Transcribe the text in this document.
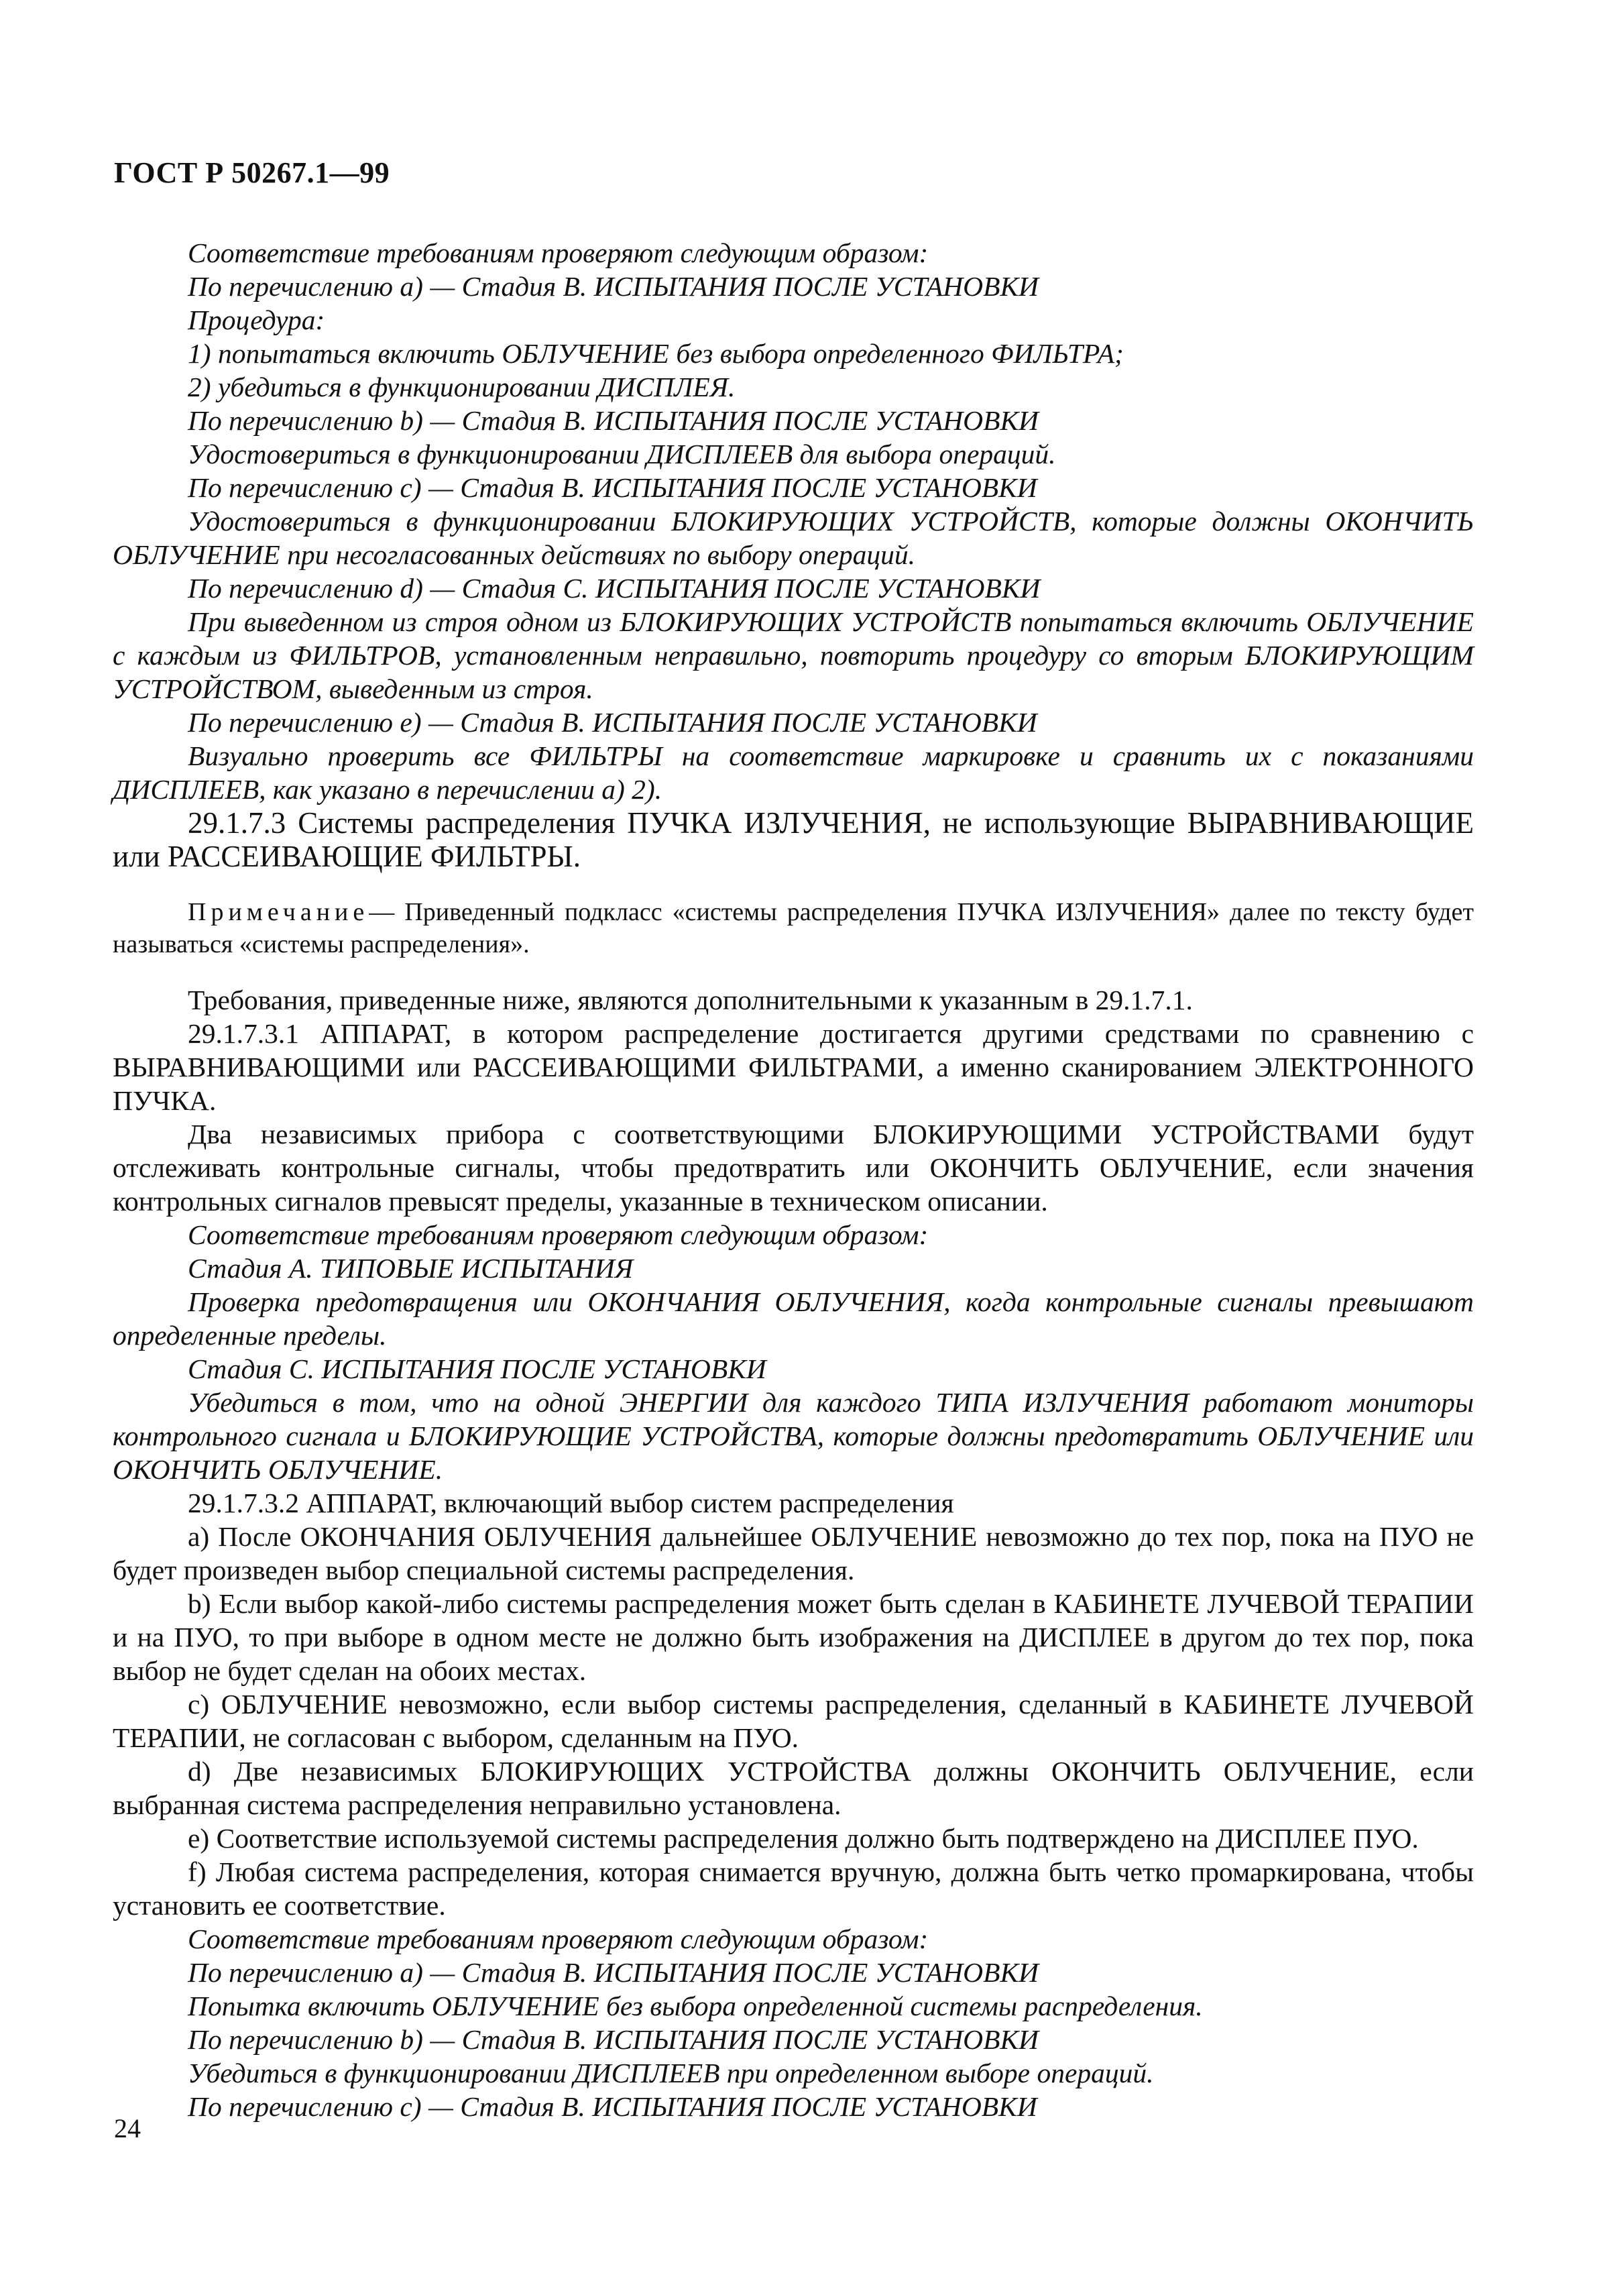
ГОСТ Р 50267.1—99

Соответствие требованиям проверяют следующим образом:

По перечислению а) — Стадия В. ИСПЫТАНИЯ ПОСЛЕ УСТАНОВКИ

Процедура:

1) попытаться включить ОБЛУЧЕНИЕ без выбора определенного ФИЛЬТРА;

2) убедиться в функционировании ДИСПЛЕЯ.

По перечислению b) — Стадия В. ИСПЫТАНИЯ ПОСЛЕ УСТАНОВКИ

Удостовериться в функционировании ДИСПЛЕЕВ для выбора операций.

По перечислению с) — Стадия В. ИСПЫТАНИЯ ПОСЛЕ УСТАНОВКИ

Удостовериться в функционировании БЛОКИРУЮЩИХ УСТРОЙСТВ, которые должны ОКОНЧИТЬ ОБЛУЧЕНИЕ при несогласованных действиях по выбору операций.

По перечислению d) — Стадия С. ИСПЫТАНИЯ ПОСЛЕ УСТАНОВКИ

При выведенном из строя одном из БЛОКИРУЮЩИХ УСТРОЙСТВ попытаться включить ОБЛУЧЕНИЕ с каждым из ФИЛЬТРОВ, установленным неправильно, повторить процедуру со вторым БЛОКИРУЮЩИМ УСТРОЙСТВОМ, выведенным из строя.

По перечислению е) — Стадия В. ИСПЫТАНИЯ ПОСЛЕ УСТАНОВКИ

Визуально проверить все ФИЛЬТРЫ на соответствие маркировке и сравнить их с показаниями ДИСПЛЕЕВ, как указано в перечислении а) 2).

29.1.7.3 Системы распределения ПУЧКА ИЗЛУЧЕНИЯ, не использующие ВЫРАВНИВАЮЩИЕ или РАССЕИВАЮЩИЕ ФИЛЬТРЫ.

Примечание— Приведенный подкласс «системы распределения ПУЧКА ИЗЛУЧЕНИЯ» далее по тексту будет называться «системы распределения».

Требования, приведенные ниже, являются дополнительными к указанным в 29.1.7.1.

29.1.7.3.1 АППАРАТ, в котором распределение достигается другими средствами по сравнению с ВЫРАВНИВАЮЩИМИ или РАССЕИВАЮЩИМИ ФИЛЬТРАМИ, а именно сканированием ЭЛЕКТРОННОГО ПУЧКА.

Два независимых прибора с соответствующими БЛОКИРУЮЩИМИ УСТРОЙСТВАМИ будут отслеживать контрольные сигналы, чтобы предотвратить или ОКОНЧИТЬ ОБЛУЧЕНИЕ, если значения контрольных сигналов превысят пределы, указанные в техническом описании.

Соответствие требованиям проверяют следующим образом:

Стадия А. ТИПОВЫЕ ИСПЫТАНИЯ

Проверка предотвращения или ОКОНЧАНИЯ ОБЛУЧЕНИЯ, когда контрольные сигналы превышают определенные пределы.

Стадия С. ИСПЫТАНИЯ ПОСЛЕ УСТАНОВКИ

Убедиться в том, что на одной ЭНЕРГИИ для каждого ТИПА ИЗЛУЧЕНИЯ работают мониторы контрольного сигнала и БЛОКИРУЮЩИЕ УСТРОЙСТВА, которые должны предотвратить ОБЛУЧЕНИЕ или ОКОНЧИТЬ ОБЛУЧЕНИЕ.

29.1.7.3.2 АППАРАТ, включающий выбор систем распределения

а) После ОКОНЧАНИЯ ОБЛУЧЕНИЯ дальнейшее ОБЛУЧЕНИЕ невозможно до тех пор, пока на ПУО не будет произведен выбор специальной системы распределения.

b) Если выбор какой-либо системы распределения может быть сделан в КАБИНЕТЕ ЛУЧЕВОЙ ТЕРАПИИ и на ПУО, то при выборе в одном месте не должно быть изображения на ДИСПЛЕЕ в другом до тех пор, пока выбор не будет сделан на обоих местах.

с) ОБЛУЧЕНИЕ невозможно, если выбор системы распределения, сделанный в КАБИНЕТЕ ЛУЧЕВОЙ ТЕРАПИИ, не согласован с выбором, сделанным на ПУО.

d) Две независимых БЛОКИРУЮЩИХ УСТРОЙСТВА должны ОКОНЧИТЬ ОБЛУЧЕНИЕ, если выбранная система распределения неправильно установлена.

е) Соответствие используемой системы распределения должно быть подтверждено на ДИСПЛЕЕ ПУО.

f) Любая система распределения, которая снимается вручную, должна быть четко промаркирована, чтобы установить ее соответствие.

Соответствие требованиям проверяют следующим образом:

По перечислению а) — Стадия В. ИСПЫТАНИЯ ПОСЛЕ УСТАНОВКИ

Попытка включить ОБЛУЧЕНИЕ без выбора определенной системы распределения.

По перечислению b) — Стадия В. ИСПЫТАНИЯ ПОСЛЕ УСТАНОВКИ

Убедиться в функционировании ДИСПЛЕЕВ при определенном выборе операций.

По перечислению с) — Стадия В. ИСПЫТАНИЯ ПОСЛЕ УСТАНОВКИ

24
